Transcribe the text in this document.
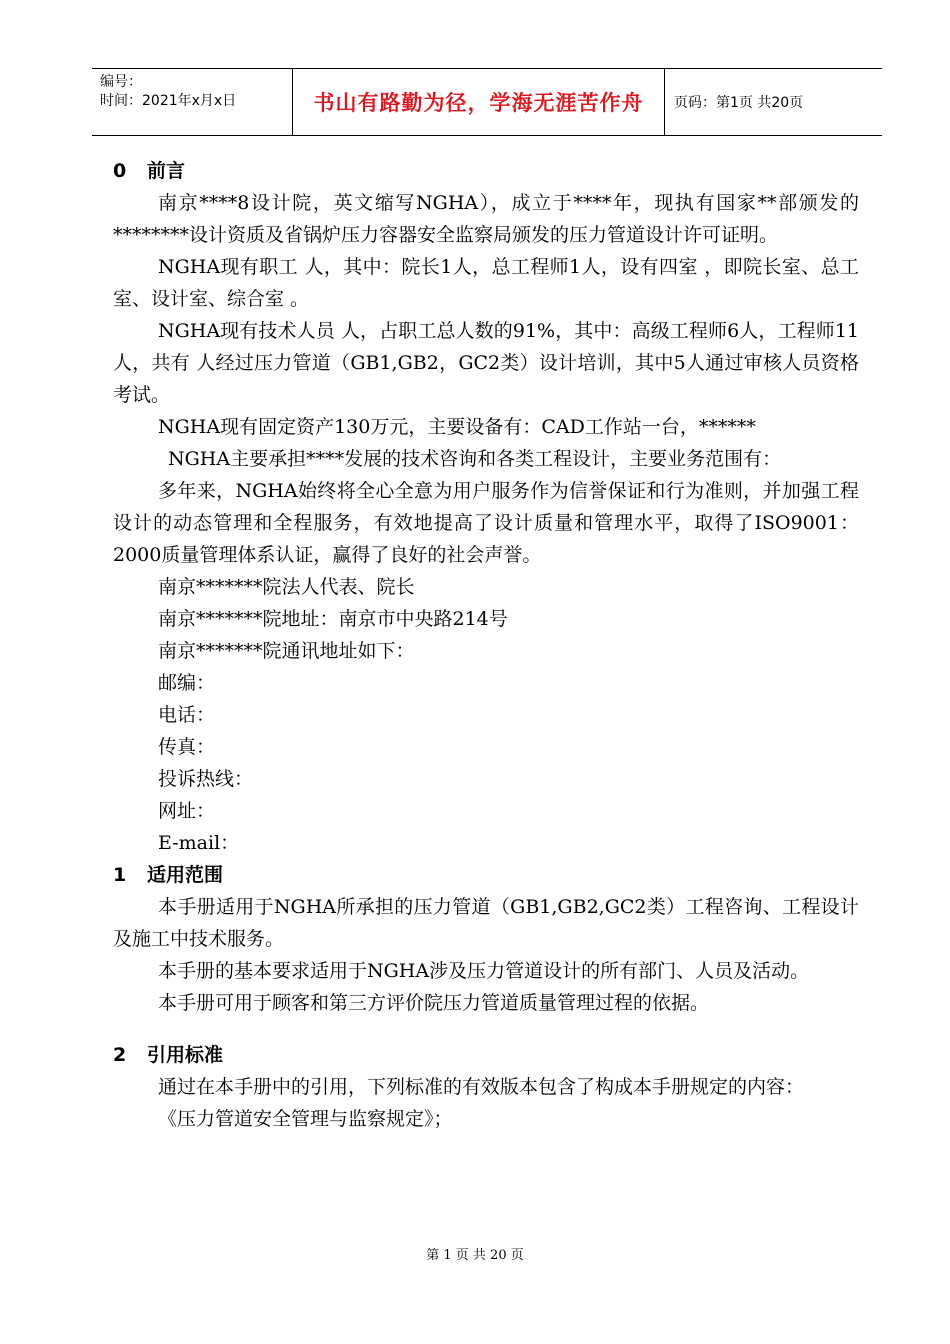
编号：
时间：2021年x月x日	书山有路勤为径，学海无涯苦作舟	页码：第1页 共20页

0 前言

南京****8设计院，英文缩写NGHA），成立于****年，现执有国家**部颁发的********设计资质及省锅炉压力容器安全监察局颁发的压力管道设计许可证明。

NGHA现有职工 人，其中：院长1人，总工程师1人，设有四室 ，即院长室、总工室、设计室、综合室 。

NGHA现有技术人员 人，占职工总人数的91%，其中：高级工程师6人，工程师11人，共有 人经过压力管道（GB1,GB2，GC2类）设计培训，其中5人通过审核人员资格考试。

NGHA现有固定资产130万元，主要设备有：CAD工作站一台，******

NGHA主要承担****发展的技术咨询和各类工程设计，主要业务范围有：

多年来，NGHA始终将全心全意为用户服务作为信誉保证和行为准则，并加强工程设计的动态管理和全程服务，有效地提高了设计质量和管理水平，取得了ISO9001：2000质量管理体系认证，赢得了良好的社会声誉。

南京*******院法人代表、院长

南京*******院地址：南京市中央路214号

南京*******院通讯地址如下：

邮编：

电话：

传真：

投诉热线：

网址：

E-mail：

1 适用范围

本手册适用于NGHA所承担的压力管道（GB1,GB2,GC2类）工程咨询、工程设计及施工中技术服务。

本手册的基本要求适用于NGHA涉及压力管道设计的所有部门、人员及活动。

本手册可用于顾客和第三方评价院压力管道质量管理过程的依据。

2 引用标准

通过在本手册中的引用，下列标准的有效版本包含了构成本手册规定的内容：

《压力管道安全管理与监察规定》；

第 1 页 共 20 页
